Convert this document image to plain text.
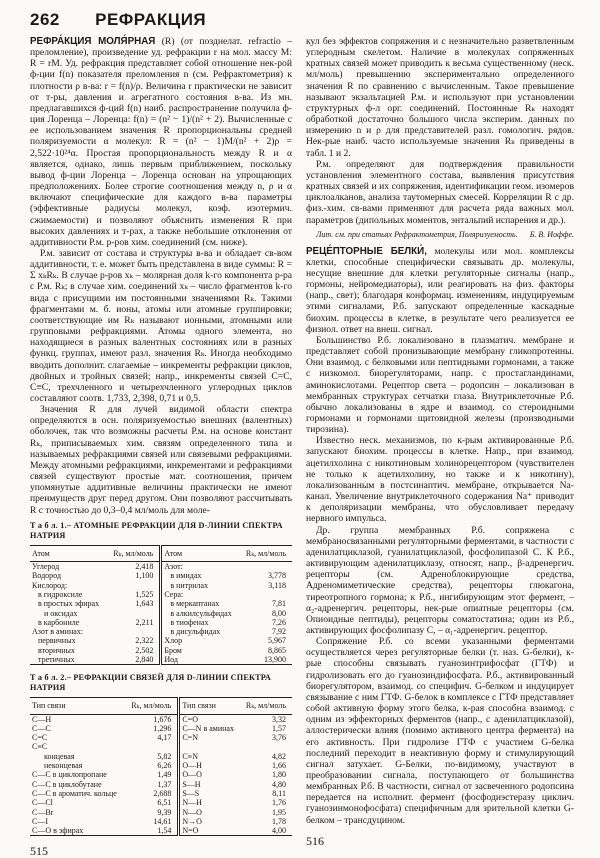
262 РЕФРАКЦИЯ

РЕФРА́КЦИЯ МОЛЯ́РНАЯ (R) (от позднелат. refractio – преломление), произведение уд. рефракции r на мол. массу M: R = rM. Уд. рефракция представляет собой отношение нек-рой ф-ции f(n) показателя преломления n (см. Рефрактометрия) к плотности ρ в-ва: r = f(n)/ρ. Величина r практически не зависит от т-ры, давления и агрегатного состояния в-ва. Из мн. предлагавшихся ф-ций f(n) наиб. распространение получила ф-ция Лоренца – Лоренца: f(n) = (n² − 1)/(n² + 2). Вычисленные с ее использованием значения R пропорциональны средней поляризуемости α молекул: R = (n² − 1)M/(n² + 2)ρ = 2,522·10²⁴α. Простая пропорциональность между R и α является, однако, лишь первым приближением, поскольку вывод ф-ции Лоренца – Лоренца основан на упрощающих предположениях. Более строгие соотношения между n, ρ и α включают специфические для каждого в-ва параметры (эффективные радиусы молекул, коэф. изотермич. сжимаемости) и позволяют объяснить изменения R при высоких давлениях и т-рах, а также небольшие отклонения от аддитивности Р.м. р-ров хим. соединений (см. ниже).

Р.м. зависит от состава и структуры в-ва и обладает св-вом аддитивности, т. е. может быть представлена в виде суммы: R = Σ xₖRₖ. В случае р-ров xₖ – молярная доля k-го компонента р-ра с Р.м. Rₖ; в случае хим. соединений xₖ – число фрагментов k-го вида с присущими им постоянными значениями Rₖ. Такими фрагментами м. б. ионы, атомы или атомные группировки; соответствующие им Rₖ называют ионными, атомными или групповыми рефракциями. Атомы одного элемента, но находящиеся в разных валентных состояниях или в разных функц. группах, имеют разл. значения Rₖ. Иногда необходимо вводить дополнит. слагаемые – инкременты рефракции циклов, двойных и тройных связей; напр., инкременты связей C=C, C≡C, трехчленного и четырехчленного углеродных циклов составляют соотв. 1,733, 2,398, 0,71 и 0,5.

Значения R для лучей видимой области спектра определяются в осн. поляризуемостью внешних (валентных) оболочек, так что возможны расчеты Р.м. на основе констант Rₖ, приписываемых хим. связям определенного типа и называемых рефракциями связей или связевыми рефракциями. Между атомными рефракциями, инкрементами и рефракциями связей существуют простые мат. соотношения, причем упомянутые аддитивные величины практически не имеют преимуществ друг перед другом. Они позволяют рассчитывать R с точностью до 0,3–0,4 мл/моль для моле-

Т а б л. 1.– АТОМНЫЕ РЕФРАКЦИИ ДЛЯ D-ЛИНИИ СПЕКТРА НАТРИЯ
Атом	Rₖ, мл/моль	Атом	Rₖ, мл/моль
Углерод	2,418	Азот:	
Водород	1,100	в имидах	3,778
Кислород:		в нитрилах	3,118
в гидроксиле	1,525	Сера:	
в простых эфирах	1,643	в меркаптанах	7,81
и оксидах		в алкилсульфидах	8,00
в карбониле	2,211	в тиофенах	7,26
Азот в аминах:		в дисульфидах	7,92
первичных	2,322	Хлор	5,967
вторичных	2,502	Бром	8,865
третичных	2,840	Иод	13,900
Т а б л. 2.– РЕФРАКЦИИ СВЯЗЕЙ ДЛЯ D-ЛИНИИ СПЕКТРА НАТРИЯ
Тип связи	Rₖ, мл/моль	Тип связи	Rₖ, мл/моль
C—H	1,676	C=O	3,32
C—C	1,296	C—N в аминах	1,57
C=C	4,17	C=N	3,76
C≡C			
концевая	5,82	C≡N	4,82
неконцевая	6,26	O—H	1,66
C—C в циклопропане	1,49	O—O	1,80
C—C в циклобутане	1,37	S—H	4,80
C—C в ароматич. кольце	2,688	S—S	8,11
C—Cl	6,51	N—H	1,76
C—Br	9,39	N—O	1,95
C—I	14,61	N→O	1,78
C—O в эфирах	1,54	N=O	4,00
515

кул без эффектов сопряжения и с незначительно разветвленным углеродным скелетом. Наличие в молекулах сопряженных кратных связей может приводить к весьма существенному (неск. мл/моль) превышению экспериментально определенного значения R по сравнению с вычисленным. Такое превышение называют экзальтацией Р.м. и используют при установлении структурных ф-л орг. соединений. Постоянные Rₖ находят обработкой достаточно большого числа эксперим. данных по измерению n и ρ для представителей разл. гомологич. рядов. Нек-рые наиб. часто используемые значения Rₖ приведены в табл. 1 и 2.

Р.м. определяют для подтверждения правильности установления элементного состава, выявления присутствия кратных связей и их сопряжения, идентификации геом. изомеров циклоалканов, анализа таутомерных смесей. Корреляции R с др. физ.-хим. св-вами применяют для расчета ряда важных мол. параметров (дипольных моментов, энтальпий испарения и др.).

Лит. см. при статьях Рефрактометрия, Поляризуемость. Б. В. Иоффе.

РЕЦЕ́ПТОРНЫЕ БЕЛКИ́, молекулы или мол. комплексы клетки, способные специфически связывать др. молекулы, несущие внешние для клетки регуляторные сигналы (напр., гормоны, нейромедиаторы), или реагировать на физ. факторы (напр., свет); благодаря конформац. изменениям, индуцируемым этими сигналами, Р.б. запускают определенные каскадные биохим. процессы в клетке, в результате чего реализуется ее физиол. ответ на внеш. сигнал.

Большинство Р.б. локализовано в плазматич. мембране и представляет собой пронизывающие мембрану гликопротеины. Они взаимод. с белковыми или пептидными гормонами, а также с низкомол. биорегуляторами, напр. с простагландинами, аминокислотами. Рецептор света – родопсин – локализован в мембранных структурах сетчатки глаза. Внутриклеточные Р.б. обычно локализованы в ядре и взаимод. со стероидными гормонами и гормонами щитовидной железы (производными тирозина).

Известно неск. механизмов, по к-рым активированные Р.б. запускают биохим. процессы в клетке. Напр., при взаимод. ацетилхолина с никотиновым холинорецептором (чувствителен не только к ацетилхолину, но также и к никотину), локализованным в постсинаптич. мембране, открывается Na-канал. Увеличение внутриклеточного содержания Na⁺ приводит к деполяризации мембраны, что обусловливает передачу нервного импульса.

Др. группа мембранных Р.б. сопряжена с мембраносвязанными регуляторными ферментами, в частности с аденилатциклазой, гуанилатциклазой, фосфолипазой C. К Р.б., активирующим аденилатциклазу, относят, напр., β-адренергич. рецепторы (см. Адреноблокирующие средства, Адреномиметические средства), рецепторы глюкагона, тиреотропного гормона; к Р.б., ингибирующим этот фермент, – α₂-адренергич. рецепторы, нек-рые опиатные рецепторы (см. Опиоидные пептиды), рецепторы соматостатина; один из Р.б., активирующих фосфолипазу C, – α₁-адренергич. рецептор.

Сопряжение Р.б. со всеми указанными ферментами осуществляется через регуляторные белки (т. наз. G-белки), к-рые способны связывать гуанозинтрифосфат (ГТФ) и гидролизовать его до гуанозиндифосфата. Р.б., активированный биорегулятором, взаимод. со специфич. G-белком и индуцирует связывание с ним ГТФ. G-белок в комплексе с ГТФ представляет собой активную форму этого белка, к-рая способна взаимод. с одним из эффекторных ферментов (напр., с аденилатциклазой), аллостерически влияя (помимо активного центра фермента) на его активность. При гидролизе ГТФ с участием G-белка последний переходит в неактивную форму и стимулирующий сигнал затухает. G-Белки, по-видимому, участвуют в преобразовании сигнала, поступающего от большинства мембранных Р.б. В частности, сигнал от засвеченного родопсина передается на исполнит. фермент (фосфодиэстеразу циклич. гуанозинмонофосфата) специфичным для зрительной клетки G-белком – трансдуцином.

516
